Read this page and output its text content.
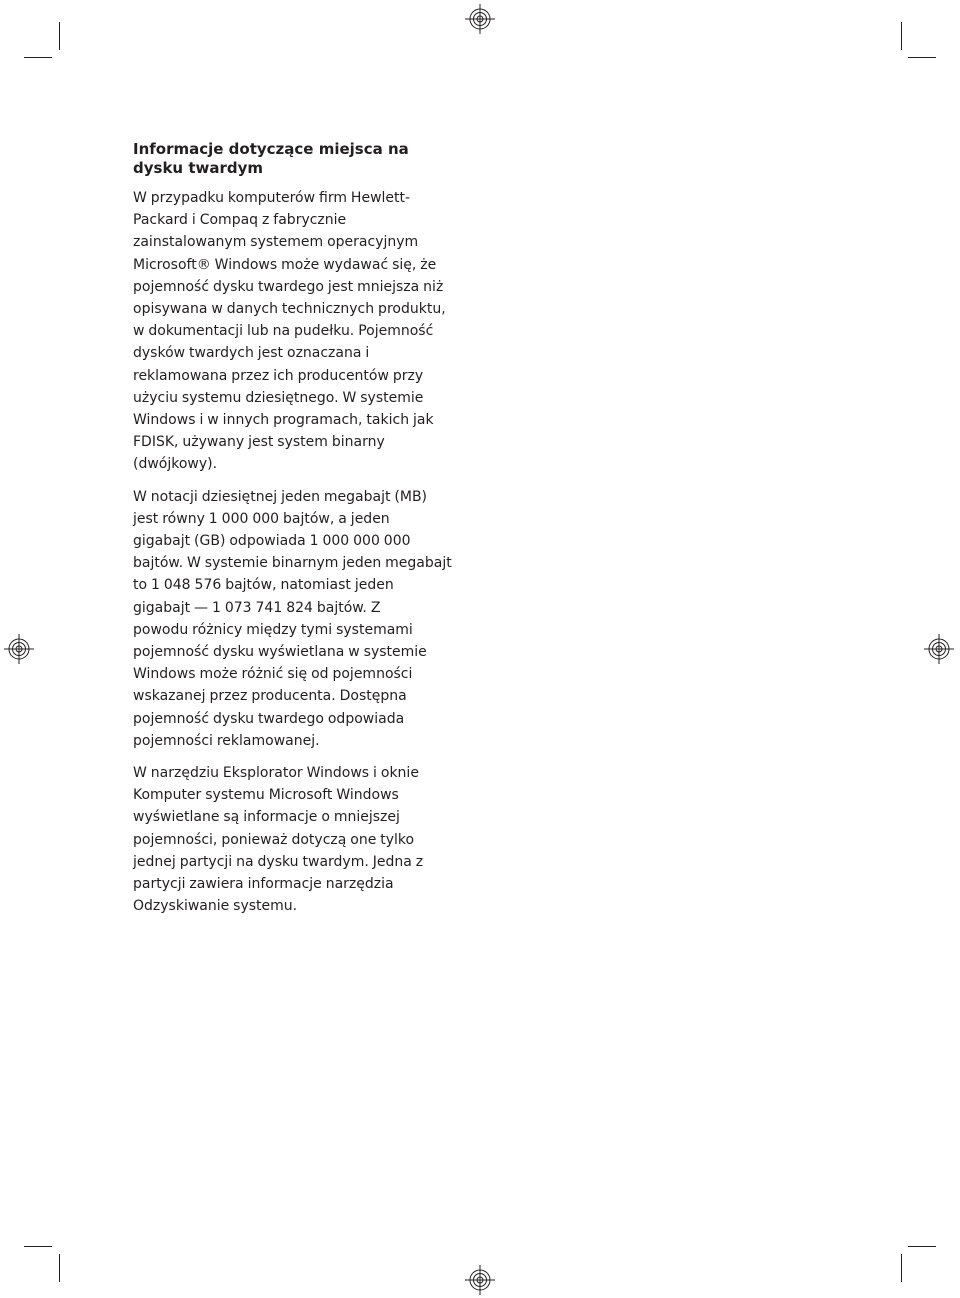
Informacje dotyczące miejsca na
dysku twardym

W przypadku komputerów firm Hewlett-
Packard i Compaq z fabrycznie
zainstalowanym systemem operacyjnym
Microsoft® Windows może wydawać się, że
pojemność dysku twardego jest mniejsza niż
opisywana w danych technicznych produktu,
w dokumentacji lub na pudełku. Pojemność
dysków twardych jest oznaczana i
reklamowana przez ich producentów przy
użyciu systemu dziesiętnego. W systemie
Windows i w innych programach, takich jak
FDISK, używany jest system binarny
(dwójkowy).

W notacji dziesiętnej jeden megabajt (MB)
jest równy 1 000 000 bajtów, a jeden
gigabajt (GB) odpowiada 1 000 000 000
bajtów. W systemie binarnym jeden megabajt
to 1 048 576 bajtów, natomiast jeden
gigabajt — 1 073 741 824 bajtów. Z
powodu różnicy między tymi systemami
pojemność dysku wyświetlana w systemie
Windows może różnić się od pojemności
wskazanej przez producenta. Dostępna
pojemność dysku twardego odpowiada
pojemności reklamowanej.

W narzędziu Eksplorator Windows i oknie
Komputer systemu Microsoft Windows
wyświetlane są informacje o mniejszej
pojemności, ponieważ dotyczą one tylko
jednej partycji na dysku twardym. Jedna z
partycji zawiera informacje narzędzia
Odzyskiwanie systemu.
